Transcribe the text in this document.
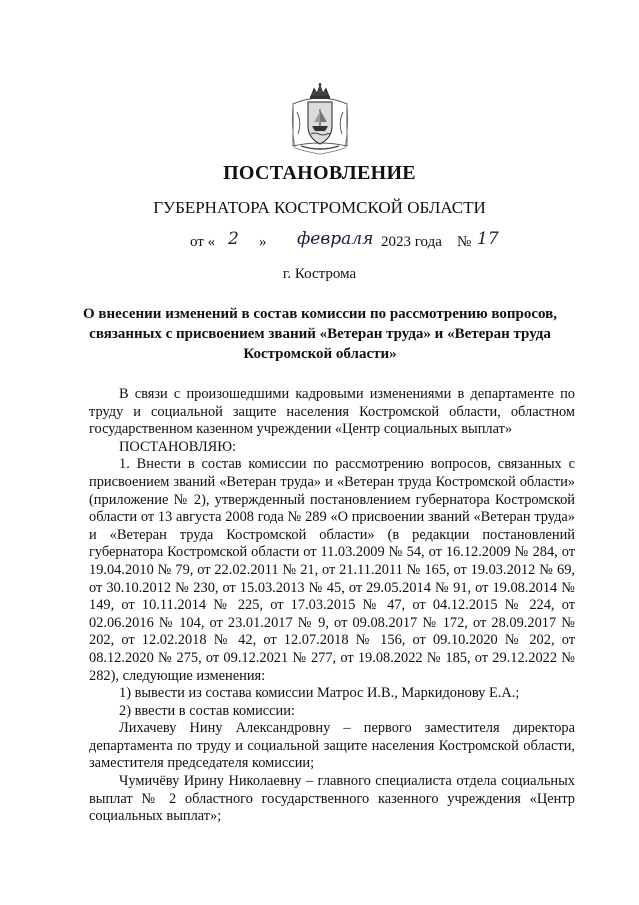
ПОСТАНОВЛЕНИЕ
ГУБЕРНАТОРА КОСТРОМСКОЙ ОБЛАСТИ
от « 2 » февраля 2023 года № 17
г. Кострома
О внесении изменений в состав комиссии по рассмотрению вопросов,
связанных с присвоением званий «Ветеран труда» и «Ветеран труда
Костромской области»

В связи с произошедшими кадровыми изменениями в департаменте по труду и социальной защите населения Костромской области, областном государственном казенном учреждении «Центр социальных выплат»

ПОСТАНОВЛЯЮ:

1. Внести в состав комиссии по рассмотрению вопросов, связанных с присвоением званий «Ветеран труда» и «Ветеран труда Костромской области» (приложение № 2), утвержденный постановлением губернатора Костромской области от 13 августа 2008 года № 289 «О присвоении званий «Ветеран труда» и «Ветеран труда Костромской области» (в редакции постановлений губернатора Костромской области от 11.03.2009 № 54, от 16.12.2009 № 284, от 19.04.2010 № 79, от 22.02.2011 № 21, от 21.11.2011 № 165, от 19.03.2012 № 69, от 30.10.2012 № 230, от 15.03.2013 № 45, от 29.05.2014 № 91, от 19.08.2014 № 149, от 10.11.2014 № 225, от 17.03.2015 № 47, от 04.12.2015 № 224, от 02.06.2016 № 104, от 23.01.2017 № 9, от 09.08.2017 № 172, от 28.09.2017 № 202, от 12.02.2018 № 42, от 12.07.2018 № 156, от 09.10.2020 № 202, от 08.12.2020 № 275, от 09.12.2021 № 277, от 19.08.2022 № 185, от 29.12.2022 № 282), следующие изменения:

1) вывести из состава комиссии Матрос И.В., Маркидонову Е.А.;

2) ввести в состав комиссии:

Лихачеву Нину Александровну – первого заместителя директора департамента по труду и социальной защите населения Костромской области, заместителя председателя комиссии;

Чумичёву Ирину Николаевну – главного специалиста отдела социальных выплат № 2 областного государственного казенного учреждения «Центр социальных выплат»;
